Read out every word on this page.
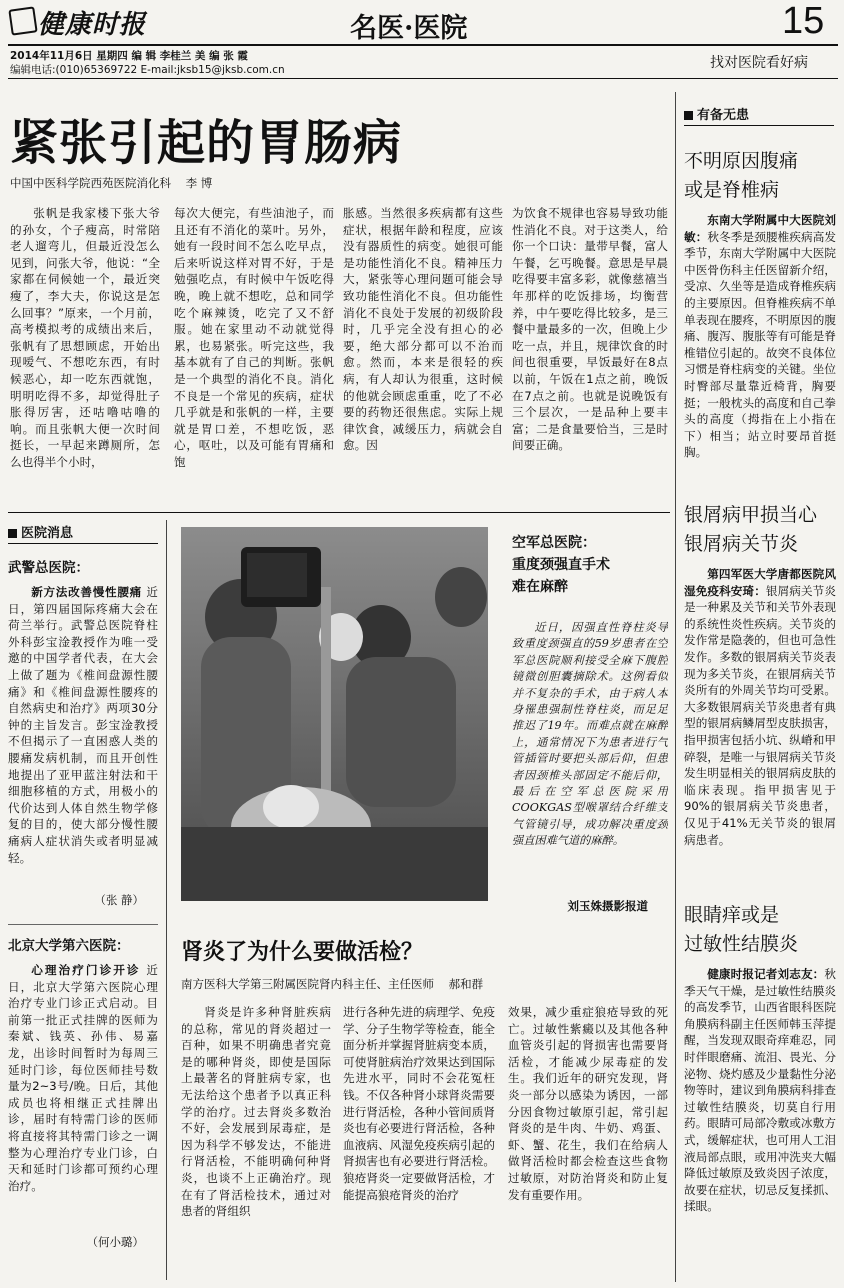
健康时报	名医·医院	15
2014年11月6日 星期四 编 辑 李桂兰 美 编 张 霞
编辑电话:(010)65369722 E-mail:jksb15@jksb.com.cn	找对医院看好病
紧张引起的胃肠病
中国中医科学院西苑医院消化科    李 博

张帆是我家楼下张大爷的孙女，个子瘦高，时常陪老人遛弯儿，但最近没怎么见到，问张大爷，他说：“全家都在伺候她一个，最近突瘦了，李大夫，你说这是怎么回事？”原来，一个月前，高考模拟考的成绩出来后，张帆有了思想顾虑，开始出现嗳气、不想吃东西，有时候恶心，却一吃东西就饱，明明吃得不多，却觉得肚子胀得厉害，还咕噜咕噜的响。而且张帆大便一次时间挺长，一早起来蹲厕所，怎么也得半个小时，

每次大便完，有些油池子，而且还有不消化的菜叶。另外，她有一段时间不怎么吃早点，后来听说这样对胃不好，于是勉强吃点，有时候中午饭吃得晚，晚上就不想吃，总和同学吃个麻辣烫，吃完了又不舒服。她在家里动不动就觉得累，也易紧张。听完这些，我基本就有了自己的判断。张帆是一个典型的消化不良。消化不良是一个常见的疾病，症状几乎就是和张帆的一样，主要就是胃口差，不想吃饭，恶心，呕吐，以及可能有胃痛和饱

胀感。当然很多疾病都有这些症状，根据年龄和程度，应该没有器质性的病变。她很可能是功能性消化不良。精神压力大，紧张等心理问题可能会导致功能性消化不良。但功能性消化不良处于发展的初级阶段时，几乎完全没有担心的必要，绝大部分都可以不治而愈。然而，本来是很轻的疾病，有人却认为很重，这时候的他就会顾虑重重，吃了不必要的药物还很焦虑。实际上规律饮食，减缓压力，病就会自愈。因

为饮食不规律也容易导致功能性消化不良。对于这类人，给你一个口诀：量带早餐，富人午餐，乞丐晚餐。意思是早晨吃得要丰富多彩，就像慈禧当年那样的吃饭排场，均衡营养，中午要吃得比较多，是三餐中量最多的一次，但晚上少吃一点，并且，规律饮食的时间也很重要，早饭最好在8点以前，午饭在1点之前，晚饭在7点之前。也就是说晚饭有三个层次，一是品种上要丰富；二是食量要恰当，三是时间要正确。

医院消息
武警总医院：

新方法改善慢性腰痛 近日，第四届国际疼痛大会在荷兰举行。武警总医院脊柱外科彭宝淦教授作为唯一受邀的中国学者代表，在大会上做了题为《椎间盘源性腰痛》和《椎间盘源性腰疼的自然病史和治疗》两项30分钟的主旨发言。彭宝淦教授不但揭示了一直困惑人类的腰痛发病机制，而且开创性地提出了亚甲蓝注射法和干细胞移植的方式，用极小的代价达到人体自然生物学修复的目的，使大部分慢性腰痛病人症状消失或者明显减轻。

（张 静）
北京大学第六医院：

心理治疗门诊开诊 近日，北京大学第六医院心理治疗专业门诊正式启动。目前第一批正式挂牌的医师为秦斌、钱英、孙伟、易嘉龙，出诊时间暂时为每周三延时门诊，每位医师挂号数量为2~3号/晚。日后，其他成员也将相继正式挂牌出诊，届时有特需门诊的医师将直接将其特需门诊之一调整为心理治疗专业门诊，白天和延时门诊都可预约心理治疗。

（何小璐）
空军总医院：
重度颈强直手术
难在麻醉

近日，因强直性脊柱炎导致重度颈强直的59岁患者在空军总医院顺利接受全麻下腹腔镜微创胆囊摘除术。这例看似并不复杂的手术，由于病人本身罹患强制性脊柱炎，而足足推迟了19年。而难点就在麻醉上，通常情况下为患者进行气管插管时要把头部后仰，但患者因颈椎头部固定不能后仰，最后在空军总医院采用COOKGAS型喉罩结合纤维支气管镜引导，成功解决重度颈强直困难气道的麻醉。

刘玉姝摄影报道
肾炎了为什么要做活检？
南方医科大学第三附属医院肾内科主任、主任医师    郝和群

肾炎是许多种肾脏疾病的总称，常见的肾炎超过一百种，如果不明确患者究竟是的哪种肾炎，即使是国际上最著名的肾脏病专家，也无法给这个患者予以真正科学的治疗。过去肾炎多数治不好，会发展到尿毒症，是因为科学不够发达，不能进行肾活检，不能明确何种肾炎，也谈不上正确治疗。现在有了肾活检技术，通过对患者的肾组织

进行各种先进的病理学、免疫学、分子生物学等检查，能全面分析并掌握肾脏病变本质，可使肾脏病治疗效果达到国际先进水平，同时不会花冤枉钱。不仅各种肾小球肾炎需要进行肾活检，各种小管间质肾炎也有必要进行肾活检，各种血液病、风湿免疫疾病引起的肾损害也有必要进行肾活检。狼疮肾炎一定要做肾活检，才能提高狼疮肾炎的治疗

效果，减少重症狼疮导致的死亡。过敏性紫癜以及其他各种血管炎引起的肾损害也需要肾活检，才能减少尿毒症的发生。我们近年的研究发现，肾炎一部分以感染为诱因，一部分因食物过敏原引起，常引起肾炎的是牛肉、牛奶、鸡蛋、虾、蟹、花生，我们在给病人做肾活检时都会检查这些食物过敏原，对防治肾炎和防止复发有重要作用。

有备无患
不明原因腹痛
或是脊椎病

东南大学附属中大医院刘敏：秋冬季是颈腰椎疾病高发季节，东南大学附属中大医院中医骨伤科主任医留新介绍，受凉、久坐等是造成脊椎疾病的主要原因。但脊椎疾病不单单表现在腰疼，不明原因的腹痛、腹泻、腹胀等有可能是脊椎错位引起的。故突不良体位习惯是脊柱病变的关键。坐位时臀部尽量靠近椅背，胸要挺；一般枕头的高度和自己拳头的高度（拇指在上小指在下）相当；站立时要昂首挺胸。

银屑病甲损当心
银屑病关节炎

第四军医大学唐都医院风湿免疫科安琦：银屑病关节炎是一种累及关节和关节外表现的系统性炎性疾病。关节炎的发作常是隐袭的，但也可急性发作。多数的银屑病关节炎表现为多关节炎，在银屑病关节炎所有的外周关节均可受累。大多数银屑病关节炎患者有典型的银屑病鳞屑型皮肤损害，指甲损害包括小坑、纵嵴和甲碎裂，是唯一与银屑病关节炎发生明显相关的银屑病皮肤的临床表现。指甲损害见于90%的银屑病关节炎患者，仅见于41%无关节炎的银屑病患者。

眼睛痒或是
过敏性结膜炎

健康时报记者刘志友：秋季天气干燥，是过敏性结膜炎的高发季节，山西省眼科医院角膜病科副主任医师韩玉萍提醒，当发现双眼奇痒难忍，同时伴眼磨痛、流泪、畏光、分泌物、烧灼感及少量黏性分泌物等时，建议到角膜病科排查过敏性结膜炎，切莫自行用药。眼睛可局部冷敷或冰敷方式，缓解症状，也可用人工泪液局部点眼，或用冲洗夹大幅降低过敏原及致炎因子浓度，故要在症状，切忌反复揉抓、揉眼。
